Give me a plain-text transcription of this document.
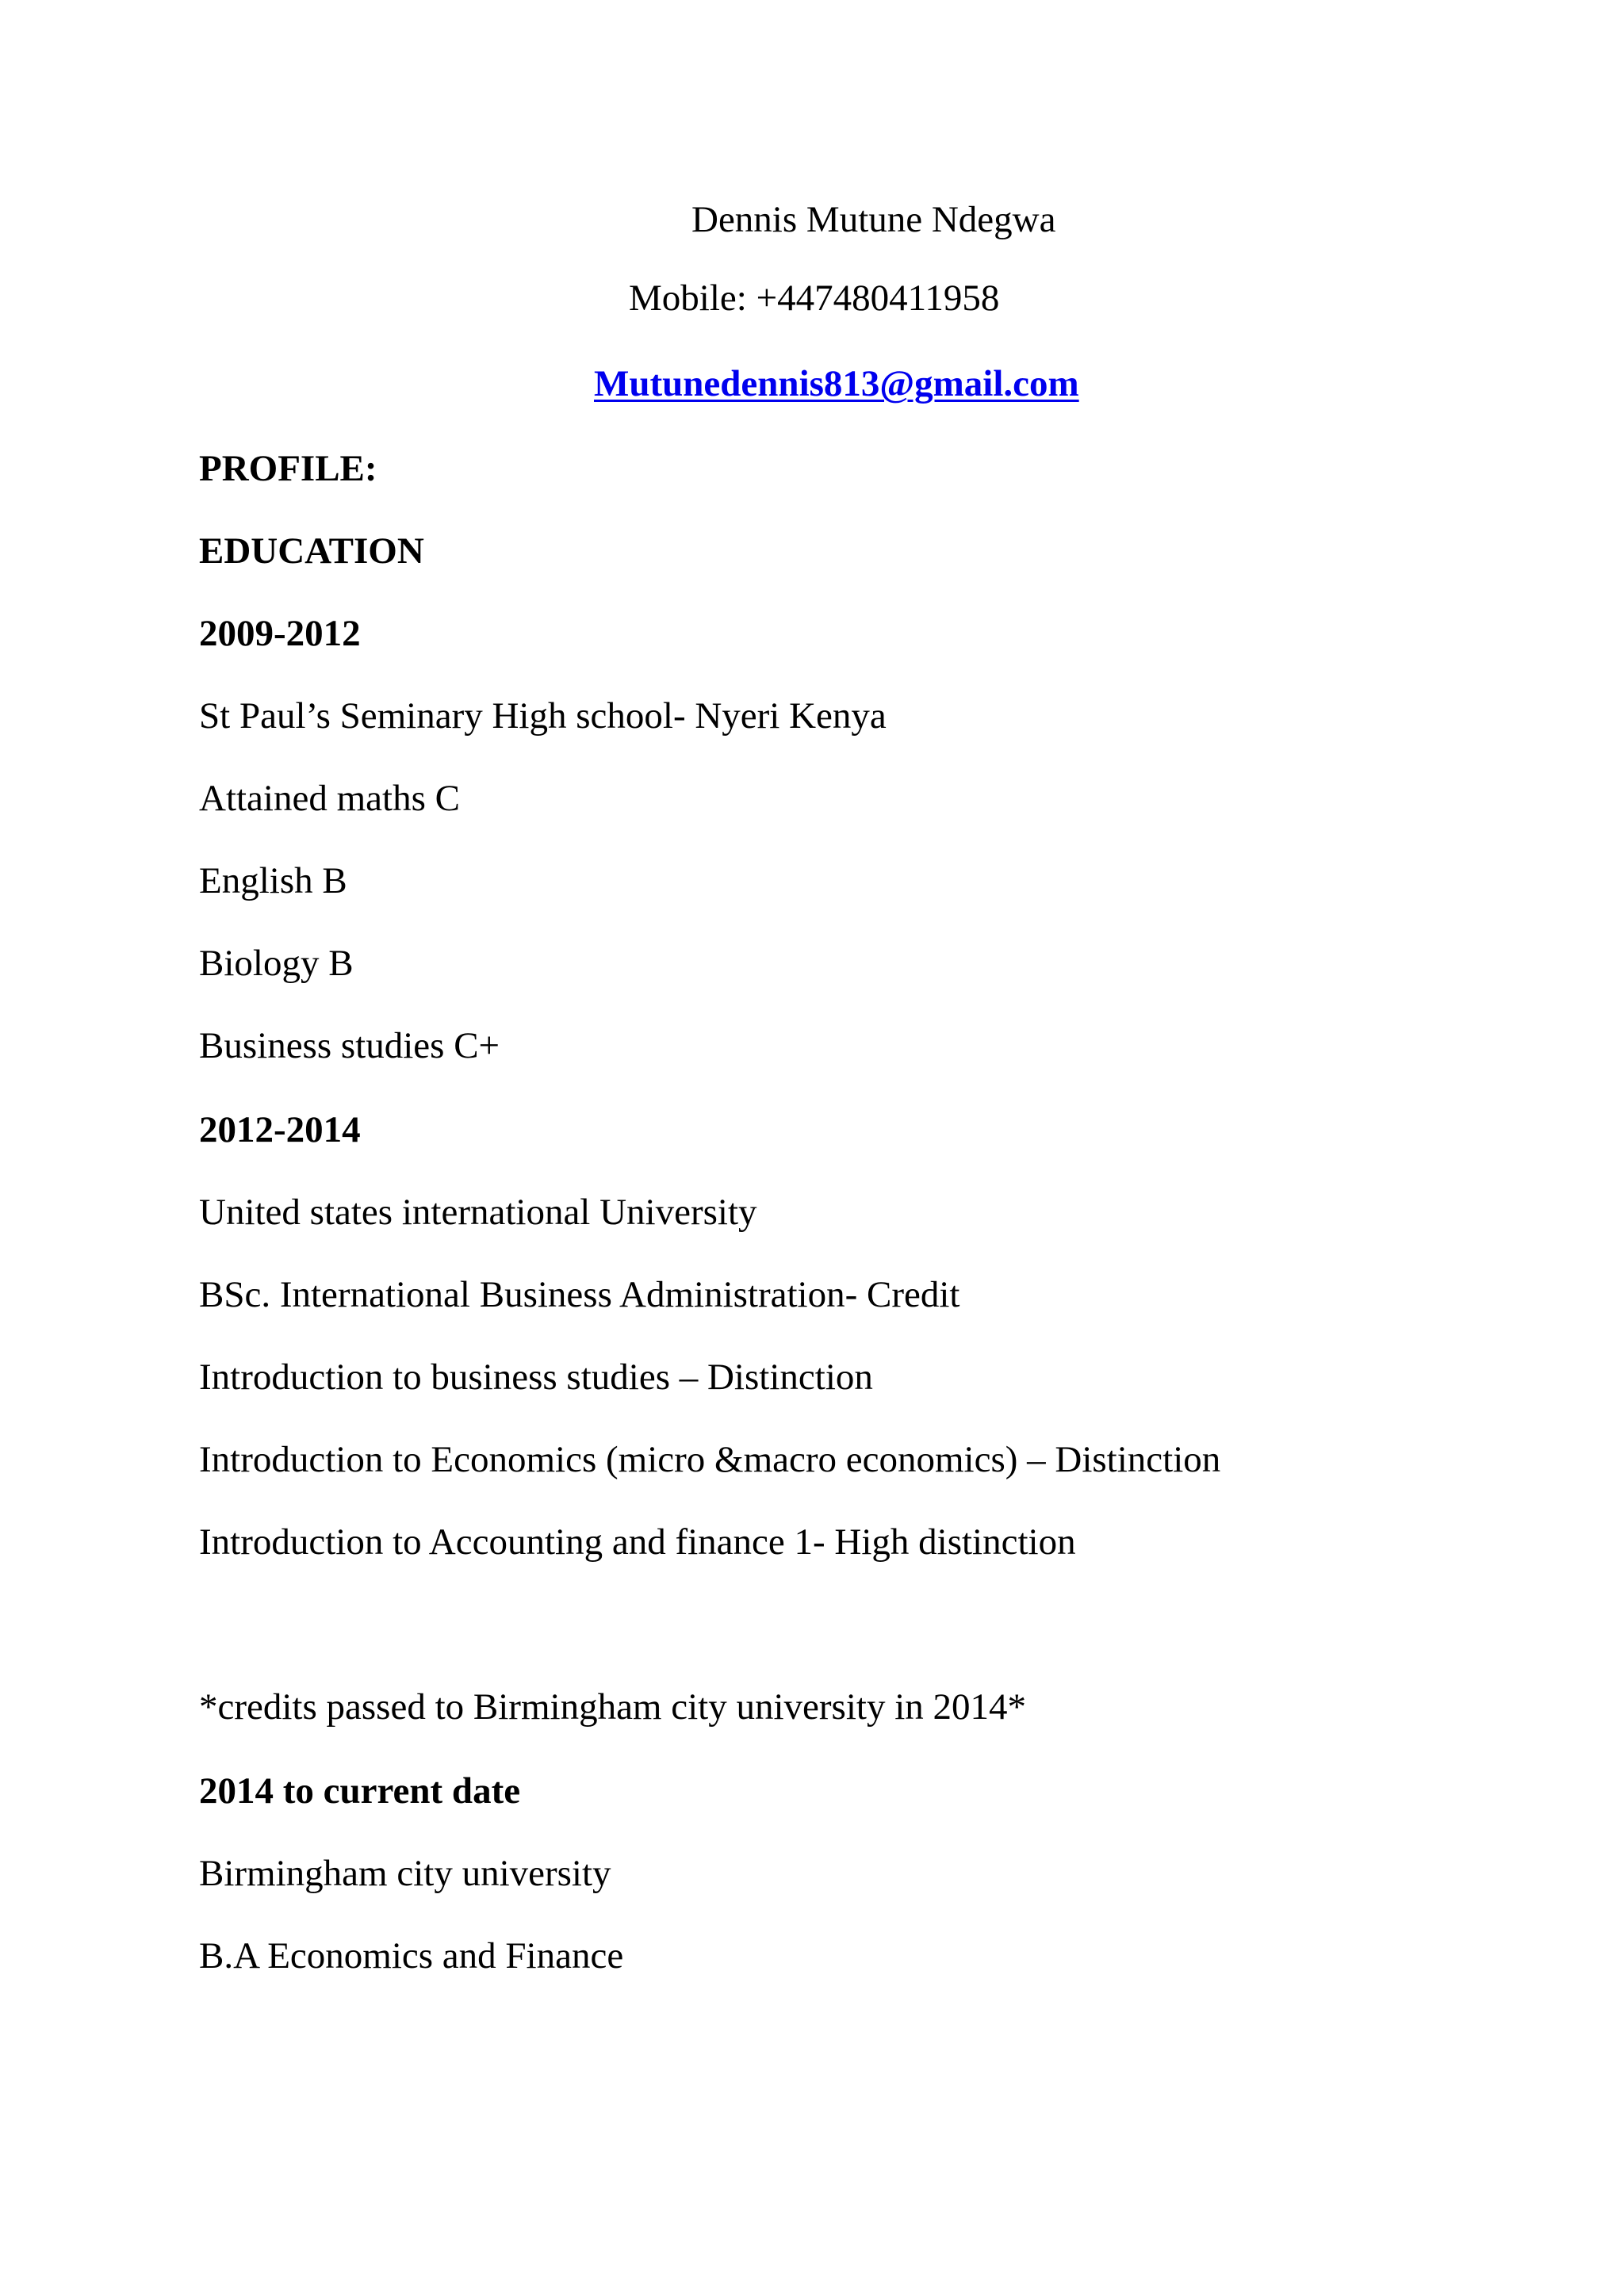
Dennis Mutune Ndegwa
Mobile: +447480411958
Mutunedennis813@gmail.com
PROFILE:
EDUCATION
2009-2012
St Paul’s Seminary High school- Nyeri Kenya
Attained maths C
English B
Biology B
Business studies C+
2012-2014
United states international University
BSc. International Business Administration- Credit
Introduction to business studies – Distinction
Introduction to Economics (micro &macro economics) – Distinction
Introduction to Accounting and finance 1- High distinction
*credits passed to Birmingham city university in 2014*
2014 to current date
Birmingham city university
B.A Economics and Finance
